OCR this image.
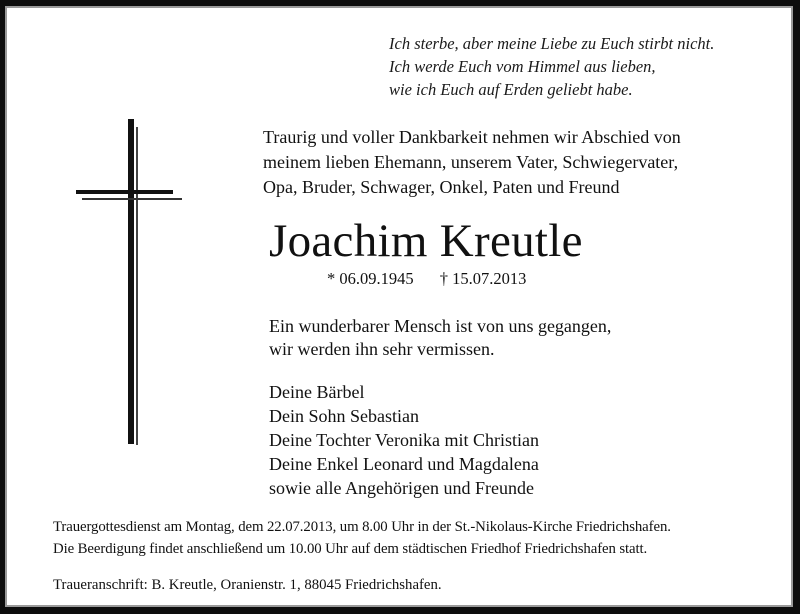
Ich sterbe, aber meine Liebe zu Euch stirbt nicht.
Ich werde Euch vom Himmel aus lieben,
wie ich Euch auf Erden geliebt habe.
Traurig und voller Dankbarkeit nehmen wir Abschied von
meinem lieben Ehemann, unserem Vater, Schwiegervater,
Opa, Bruder, Schwager, Onkel, Paten und Freund
Joachim Kreutle
* 06.09.1945 † 15.07.2013
Ein wunderbarer Mensch ist von uns gegangen,
wir werden ihn sehr vermissen.
Deine Bärbel
Dein Sohn Sebastian
Deine Tochter Veronika mit Christian
Deine Enkel Leonard und Magdalena
sowie alle Angehörigen und Freunde
Trauergottesdienst am Montag, dem 22.07.2013, um 8.00 Uhr in der St.-Nikolaus-Kirche Friedrichshafen.
Die Beerdigung findet anschließend um 10.00 Uhr auf dem städtischen Friedhof Friedrichshafen statt.
Traueranschrift: B. Kreutle, Oranienstr. 1, 88045 Friedrichshafen.
